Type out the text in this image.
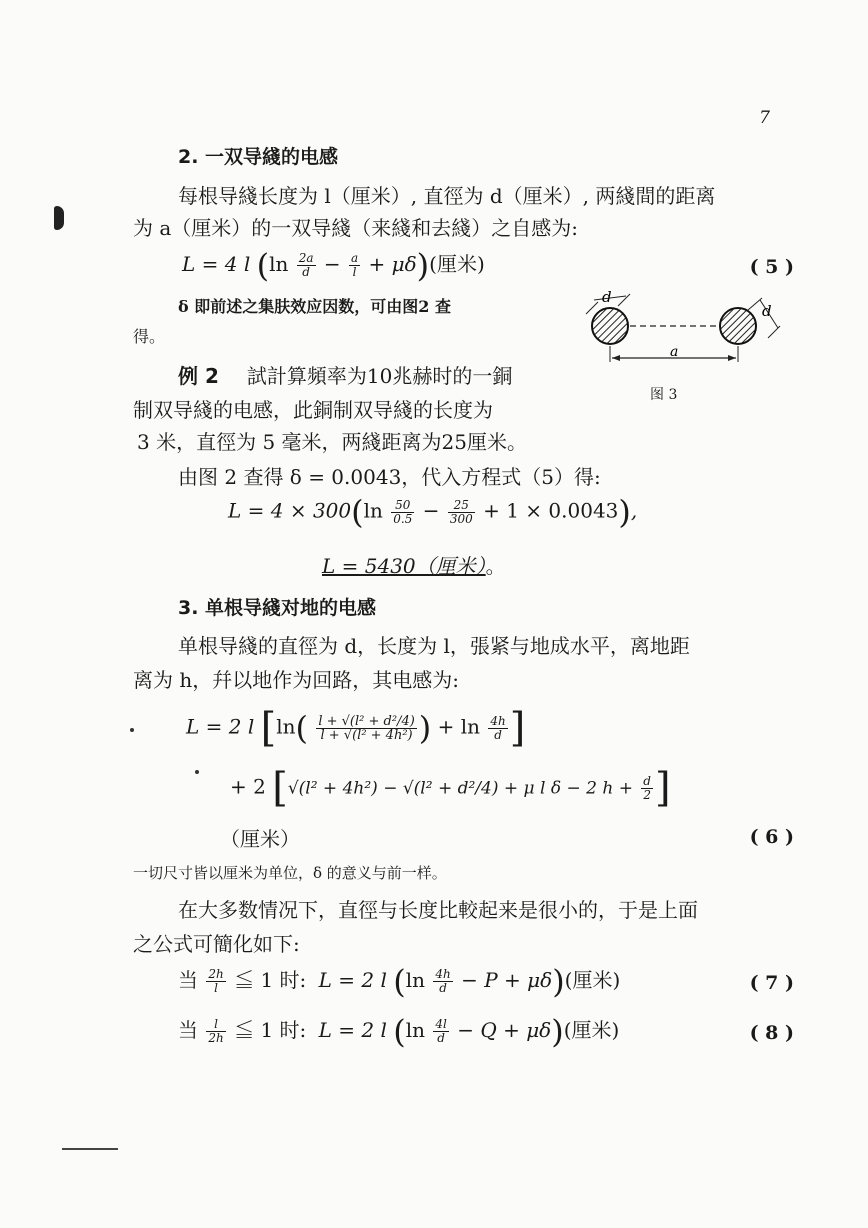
7
2. 一双导綫的电感
每根导綫长度为 l（厘米）, 直徑为 d（厘米）, 两綫間的距离
为 a（厘米）的一双导綫（来綫和去綫）之自感为:
L = 4 l $(\ln \frac{2a}{d} - \frac{a}{l} + \mu\delta)$(厘米)	( 5 )
δ 即前述之集肤效应因数，可由图2 查
得。
d
d
a
图 3
例 2 試計算頻率为10兆赫时的一銅
制双导綫的电感，此銅制双导綫的长度为
3 米，直徑为 5 毫米，两綫距离为25厘米。
由图 2 查得 δ = 0.0043，代入方程式（5）得:
$L = 4 \times 300(\ln \frac{50}{0.5} - \frac{25}{300} + 1 \times 0.0043)$,
L = 5430（厘米）。
3. 单根导綫对地的电感
单根导綫的直徑为 d，长度为 l，張紧与地成水平，离地距
离为 h，幷以地作为回路，其电感为:
L = 2 l [$\ln( \frac{\text{l + √(l² + d²/4)}}{\text{l + √(l² + 4h²)}}$ ) + $\ln \frac{4h}{d}$ ]
+ 2 [√(l² + 4h²) − √(l² + d²/4) + μ l δ − 2 $h + \frac{d}{2}$ ]
（厘米）	( 6 )
一切尺寸皆以厘米为单位，δ 的意义与前一样。
在大多数情况下，直徑与长度比較起来是很小的，于是上面
之公式可簡化如下:
当 $\frac{2h}{l}$ ≦ 1 时: L = 2 l $(\ln \frac{4h}{d} - P + \mu\delta)$(厘米)	( 7 )
当 $\frac{l}{2h}$ ≦ 1 时: L = 2 l $(\ln \frac{4l}{d} - Q + \mu\delta)$(厘米)	( 8 )
